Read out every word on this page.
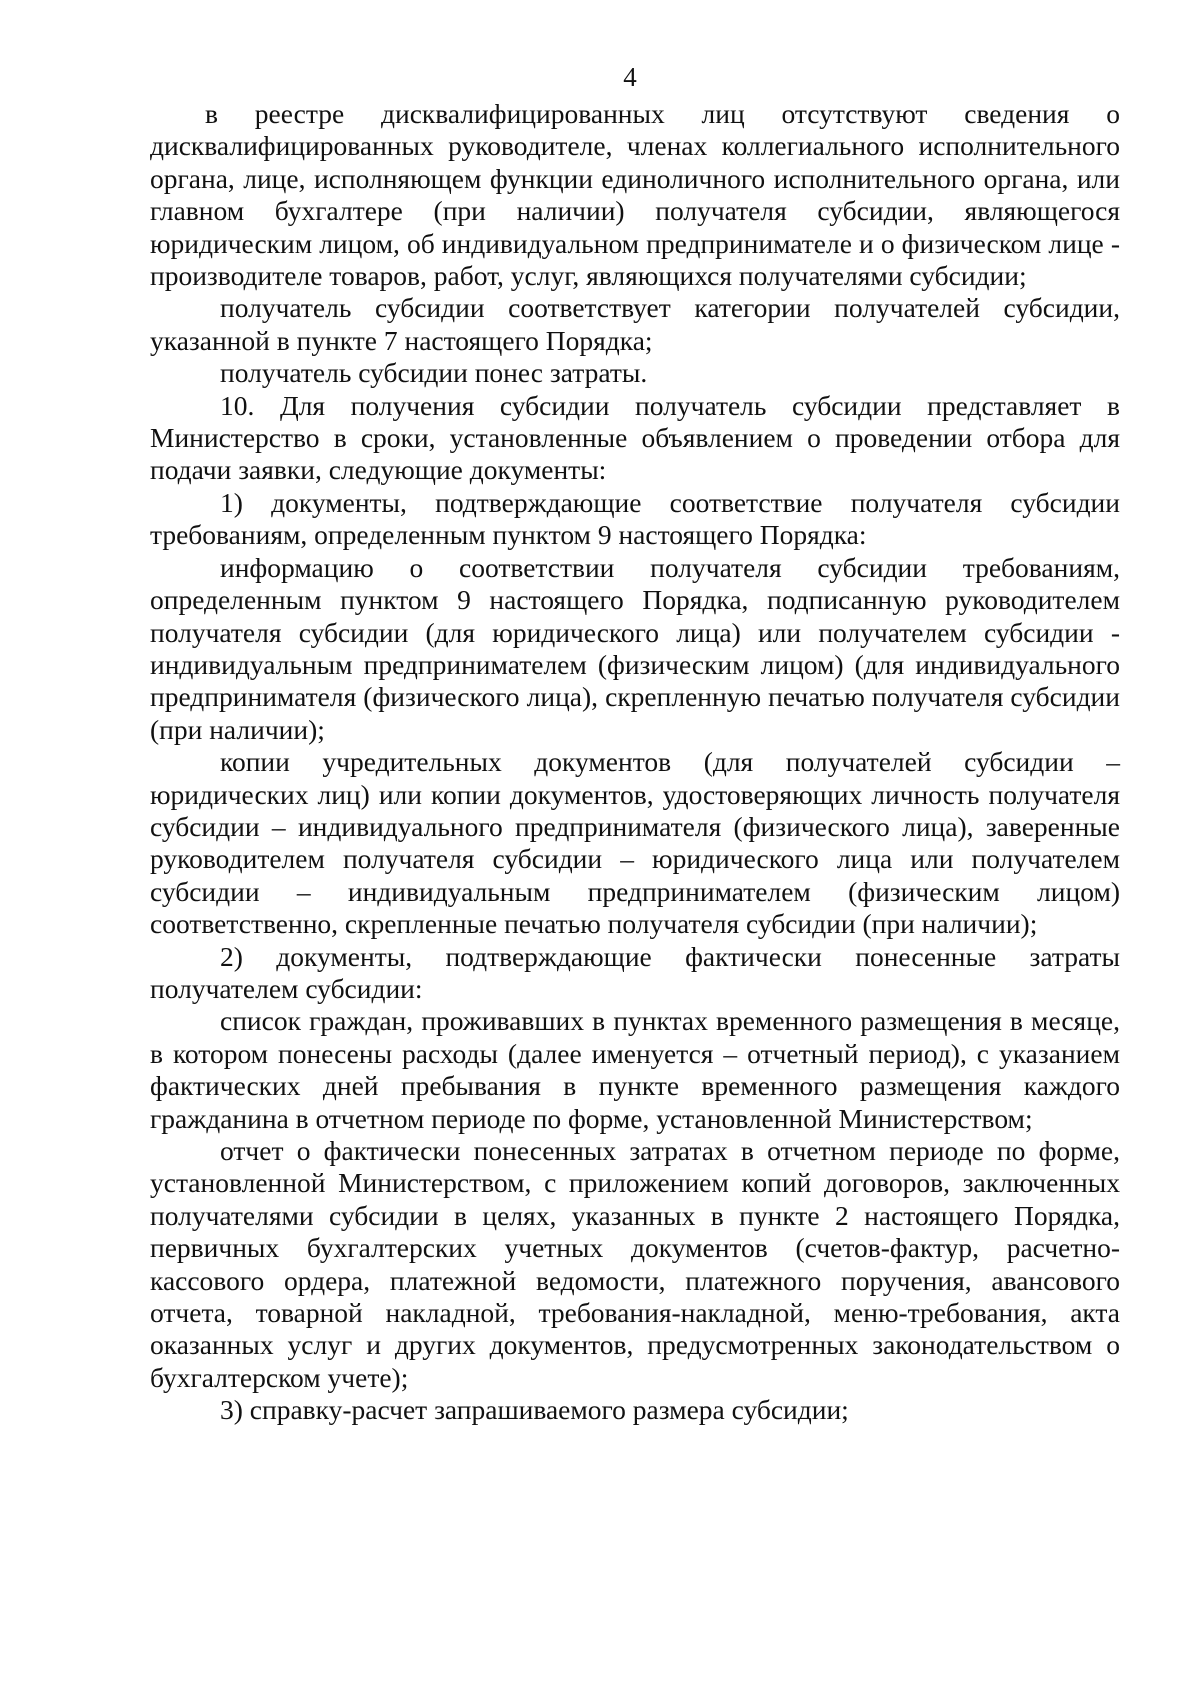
4

в реестре дисквалифицированных лиц отсутствуют сведения о дисквалифицированных руководителе, членах коллегиального исполнительного органа, лице, исполняющем функции единоличного исполнительного органа, или главном бухгалтере (при наличии) получателя субсидии, являющегося юридическим лицом, об индивидуальном предпринимателе и о физическом лице - производителе товаров, работ, услуг, являющихся получателями субсидии;

получатель субсидии соответствует категории получателей субсидии, указанной в пункте 7 настоящего Порядка;

получатель субсидии понес затраты.

10. Для получения субсидии получатель субсидии представляет в Министерство в сроки, установленные объявлением о проведении отбора для подачи заявки, следующие документы:

1) документы, подтверждающие соответствие получателя субсидии требованиям, определенным пунктом 9 настоящего Порядка:

информацию о соответствии получателя субсидии требованиям, определенным пунктом 9 настоящего Порядка, подписанную руководителем получателя субсидии (для юридического лица) или получателем субсидии - индивидуальным предпринимателем (физическим лицом) (для индивидуального предпринимателя (физического лица), скрепленную печатью получателя субсидии (при наличии);

копии учредительных документов (для получателей субсидии – юридических лиц) или копии документов, удостоверяющих личность получателя субсидии – индивидуального предпринимателя (физического лица), заверенные руководителем получателя субсидии – юридического лица или получателем субсидии – индивидуальным предпринимателем (физическим лицом) соответственно, скрепленные печатью получателя субсидии (при наличии);

2) документы, подтверждающие фактически понесенные затраты получателем субсидии:

список граждан, проживавших в пунктах временного размещения в месяце, в котором понесены расходы (далее именуется – отчетный период), с указанием фактических дней пребывания в пункте временного размещения каждого гражданина в отчетном периоде по форме, установленной Министерством;

отчет о фактически понесенных затратах в отчетном периоде по форме, установленной Министерством, с приложением копий договоров, заключенных получателями субсидии в целях, указанных в пункте 2 настоящего Порядка, первичных бухгалтерских учетных документов (счетов-фактур, расчетно-кассового ордера, платежной ведомости, платежного поручения, авансового отчета, товарной накладной, требования-накладной, меню-требования, акта оказанных услуг и других документов, предусмотренных законодательством о бухгалтерском учете);

3) справку-расчет запрашиваемого размера субсидии;
